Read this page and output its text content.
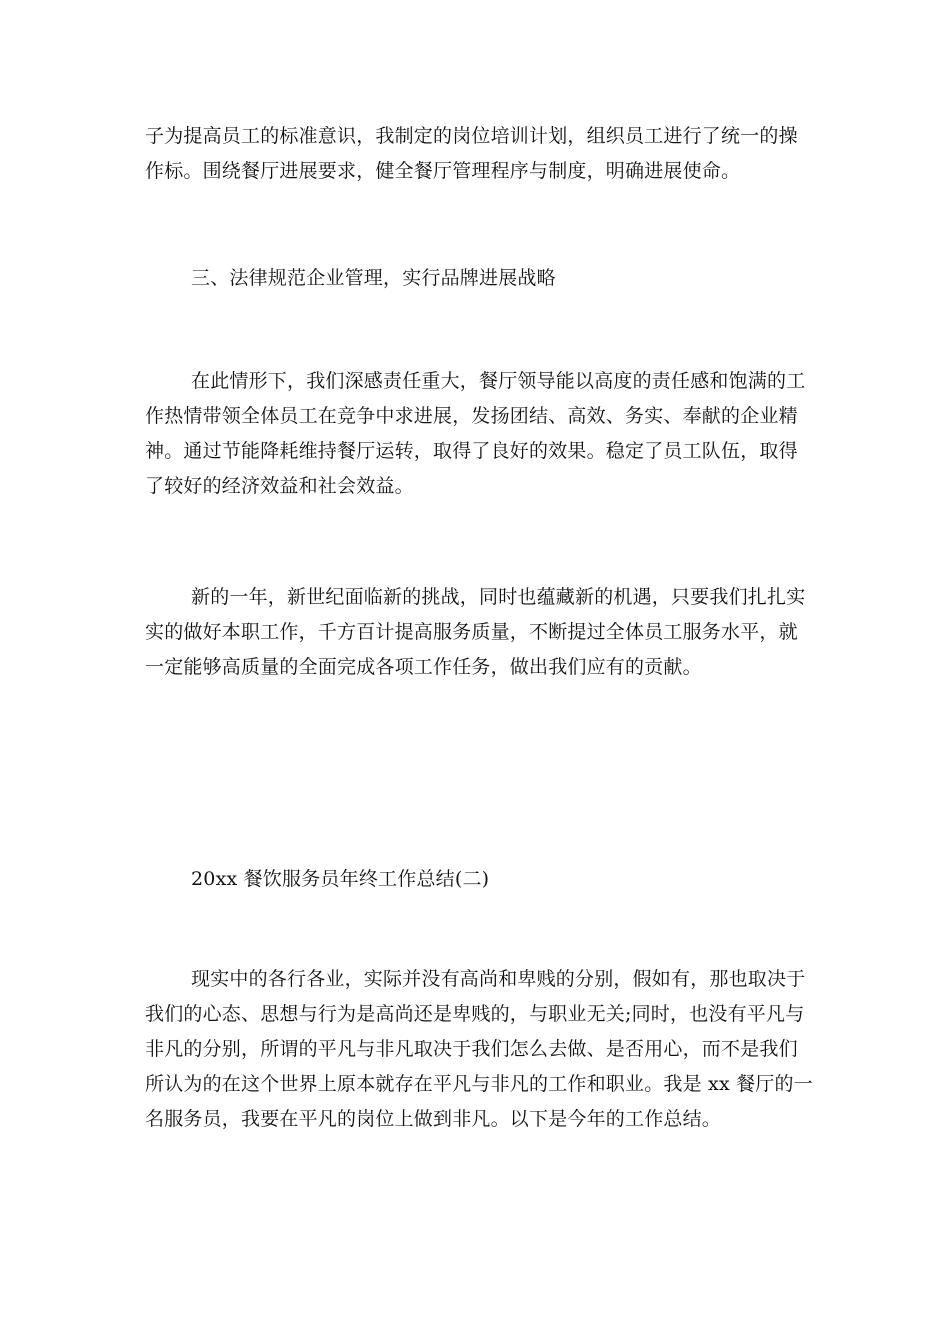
子为提高员工的标准意识，我制定的岗位培训计划，组织员工进行了统一的操
作标。围绕餐厅进展要求，健全餐厅管理程序与制度，明确进展使命。

三、法律规范企业管理，实行品牌进展战略

在此情形下，我们深感责任重大，餐厅领导能以高度的责任感和饱满的工
作热情带领全体员工在竞争中求进展，发扬团结、高效、务实、奉献的企业精
神。通过节能降耗维持餐厅运转，取得了良好的效果。稳定了员工队伍，取得
了较好的经济效益和社会效益。

新的一年，新世纪面临新的挑战，同时也蕴藏新的机遇，只要我们扎扎实
实的做好本职工作，千方百计提高服务质量，不断提过全体员工服务水平，就
一定能够高质量的全面完成各项工作任务，做出我们应有的贡献。

20xx 餐饮服务员年终工作总结(二)

现实中的各行各业，实际并没有高尚和卑贱的分别，假如有，那也取决于
我们的心态、思想与行为是高尚还是卑贱的，与职业无关;同时，也没有平凡与
非凡的分别，所谓的平凡与非凡取决于我们怎么去做、是否用心，而不是我们
所认为的在这个世界上原本就存在平凡与非凡的工作和职业。我是 xx 餐厅的一
名服务员，我要在平凡的岗位上做到非凡。以下是今年的工作总结。
